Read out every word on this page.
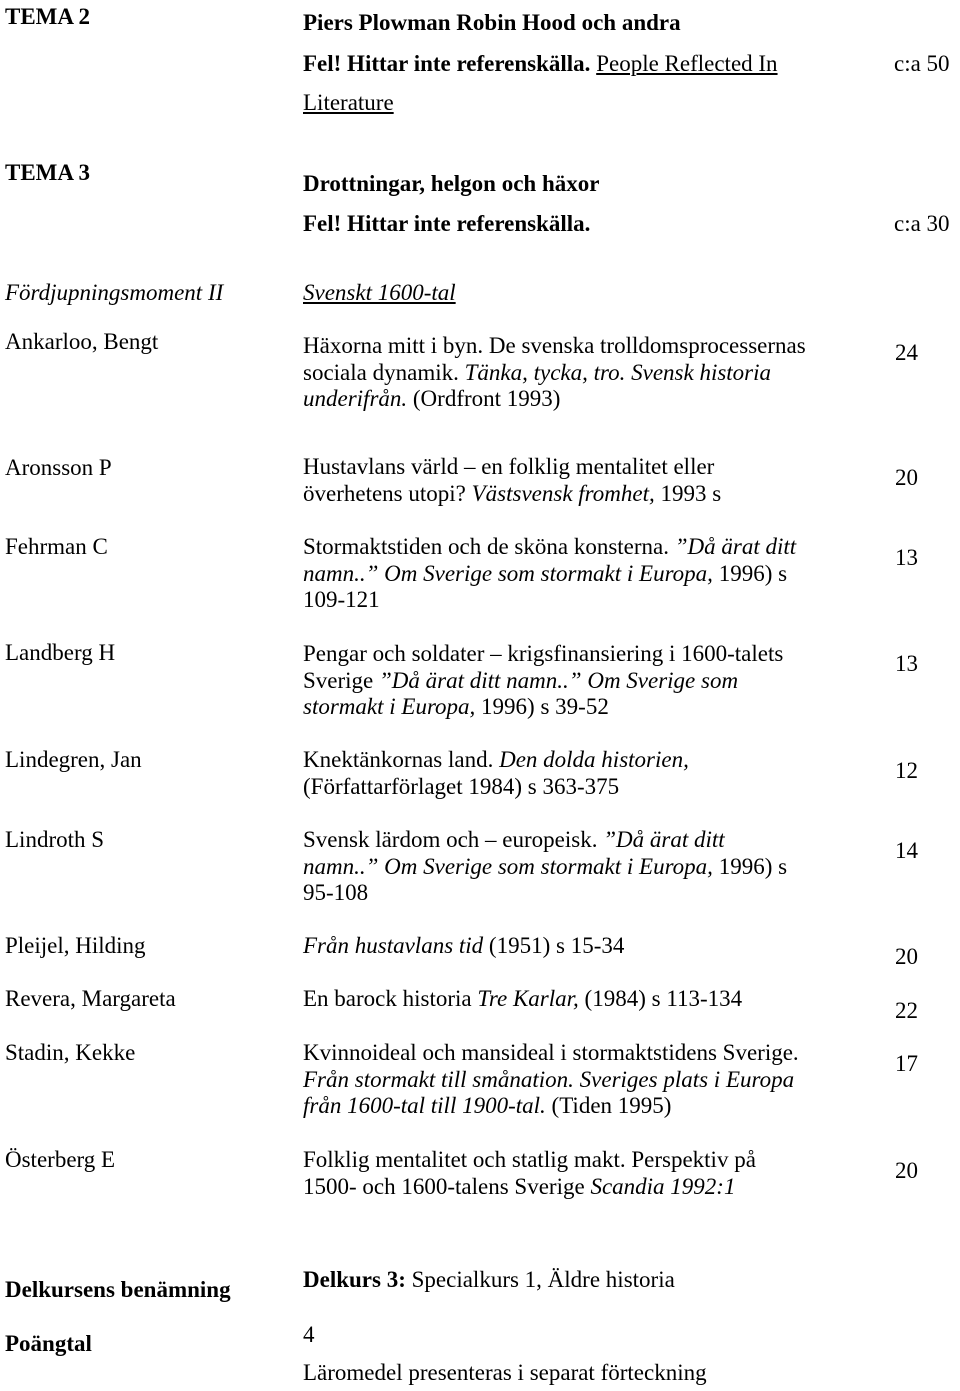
TEMA 2	Piers Plowman Robin Hood och andra
Fel! Hittar inte referenskälla. People Reflected In
Literature
c:a 50
TEMA 3	Drottningar, helgon och häxor
Fel! Hittar inte referenskälla.	c:a 30
Fördjupningsmoment II	Svenskt 1600-tal
Ankarloo, Bengt	Häxorna mitt i byn. De svenska trolldomsprocessernas
sociala dynamik. Tänka, tycka, tro. Svensk historia
underifrån. (Ordfront 1993)
24
Aronsson P	Hustavlans värld – en folklig mentalitet eller
överhetens utopi? Västsvensk fromhet, 1993 s
20
Fehrman C	Stormaktstiden och de sköna konsterna. ”Då ärat ditt
namn..” Om Sverige som stormakt i Europa, 1996) s
109-121
13
Landberg H	Pengar och soldater – krigsfinansiering i 1600-talets
Sverige ”Då ärat ditt namn..” Om Sverige som
stormakt i Europa, 1996) s 39-52
13
Lindegren, Jan	Knektänkornas land. Den dolda historien,
(Författarförlaget 1984) s 363-375
12
Lindroth S	Svensk lärdom och – europeisk. ”Då ärat ditt
namn..” Om Sverige som stormakt i Europa, 1996) s
95-108
14
Pleijel, Hilding	Från hustavlans tid (1951) s 15-34	20
Revera, Margareta	En barock historia Tre Karlar, (1984) s 113-134	22
Stadin, Kekke	Kvinnoideal och mansideal i stormaktstidens Sverige.
Från stormakt till smånation. Sveriges plats i Europa
från 1600-tal till 1900-tal. (Tiden 1995)
17
Österberg E	Folklig mentalitet och statlig makt. Perspektiv på
1500- och 1600-talens Sverige Scandia 1992:1
20
Delkursens benämning	Delkurs 3: Specialkurs 1, Äldre historia
Poängtal	4
Läromedel presenteras i separat förteckning
